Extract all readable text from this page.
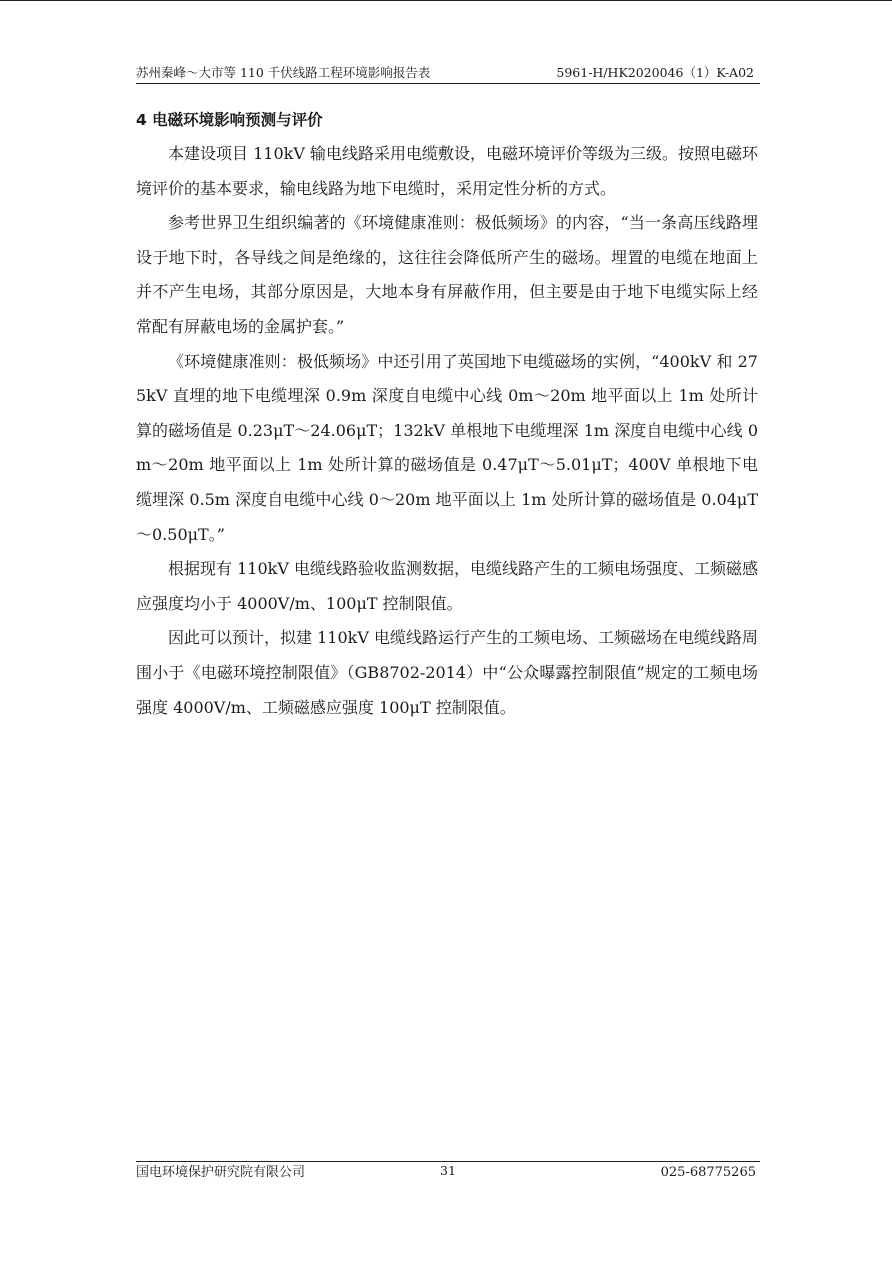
苏州秦峰～大市等 110 千伏线路工程环境影响报告表	5961-H/HK2020046（1）K-A02
4 电磁环境影响预测与评价

本建设项目 110kV 输电线路采用电缆敷设，电磁环境评价等级为三级。按照电磁环境评价的基本要求，输电线路为地下电缆时，采用定性分析的方式。

参考世界卫生组织编著的《环境健康准则：极低频场》的内容，“当一条高压线路埋设于地下时，各导线之间是绝缘的，这往往会降低所产生的磁场。埋置的电缆在地面上并不产生电场，其部分原因是，大地本身有屏蔽作用，但主要是由于地下电缆实际上经常配有屏蔽电场的金属护套。”

《环境健康准则：极低频场》中还引用了英国地下电缆磁场的实例，“400kV 和 275kV 直埋的地下电缆埋深 0.9m 深度自电缆中心线 0m～20m 地平面以上 1m 处所计算的磁场值是 0.23μT～24.06μT；132kV 单根地下电缆埋深 1m 深度自电缆中心线 0m～20m 地平面以上 1m 处所计算的磁场值是 0.47μT～5.01μT；400V 单根地下电缆埋深 0.5m 深度自电缆中心线 0～20m 地平面以上 1m 处所计算的磁场值是 0.04μT～0.50μT。”

根据现有 110kV 电缆线路验收监测数据，电缆线路产生的工频电场强度、工频磁感应强度均小于 4000V/m、100μT 控制限值。

因此可以预计，拟建 110kV 电缆线路运行产生的工频电场、工频磁场在电缆线路周围小于《电磁环境控制限值》（GB8702-2014）中“公众曝露控制限值”规定的工频电场强度 4000V/m、工频磁感应强度 100μT 控制限值。

国电环境保护研究院有限公司	31	025-68775265
